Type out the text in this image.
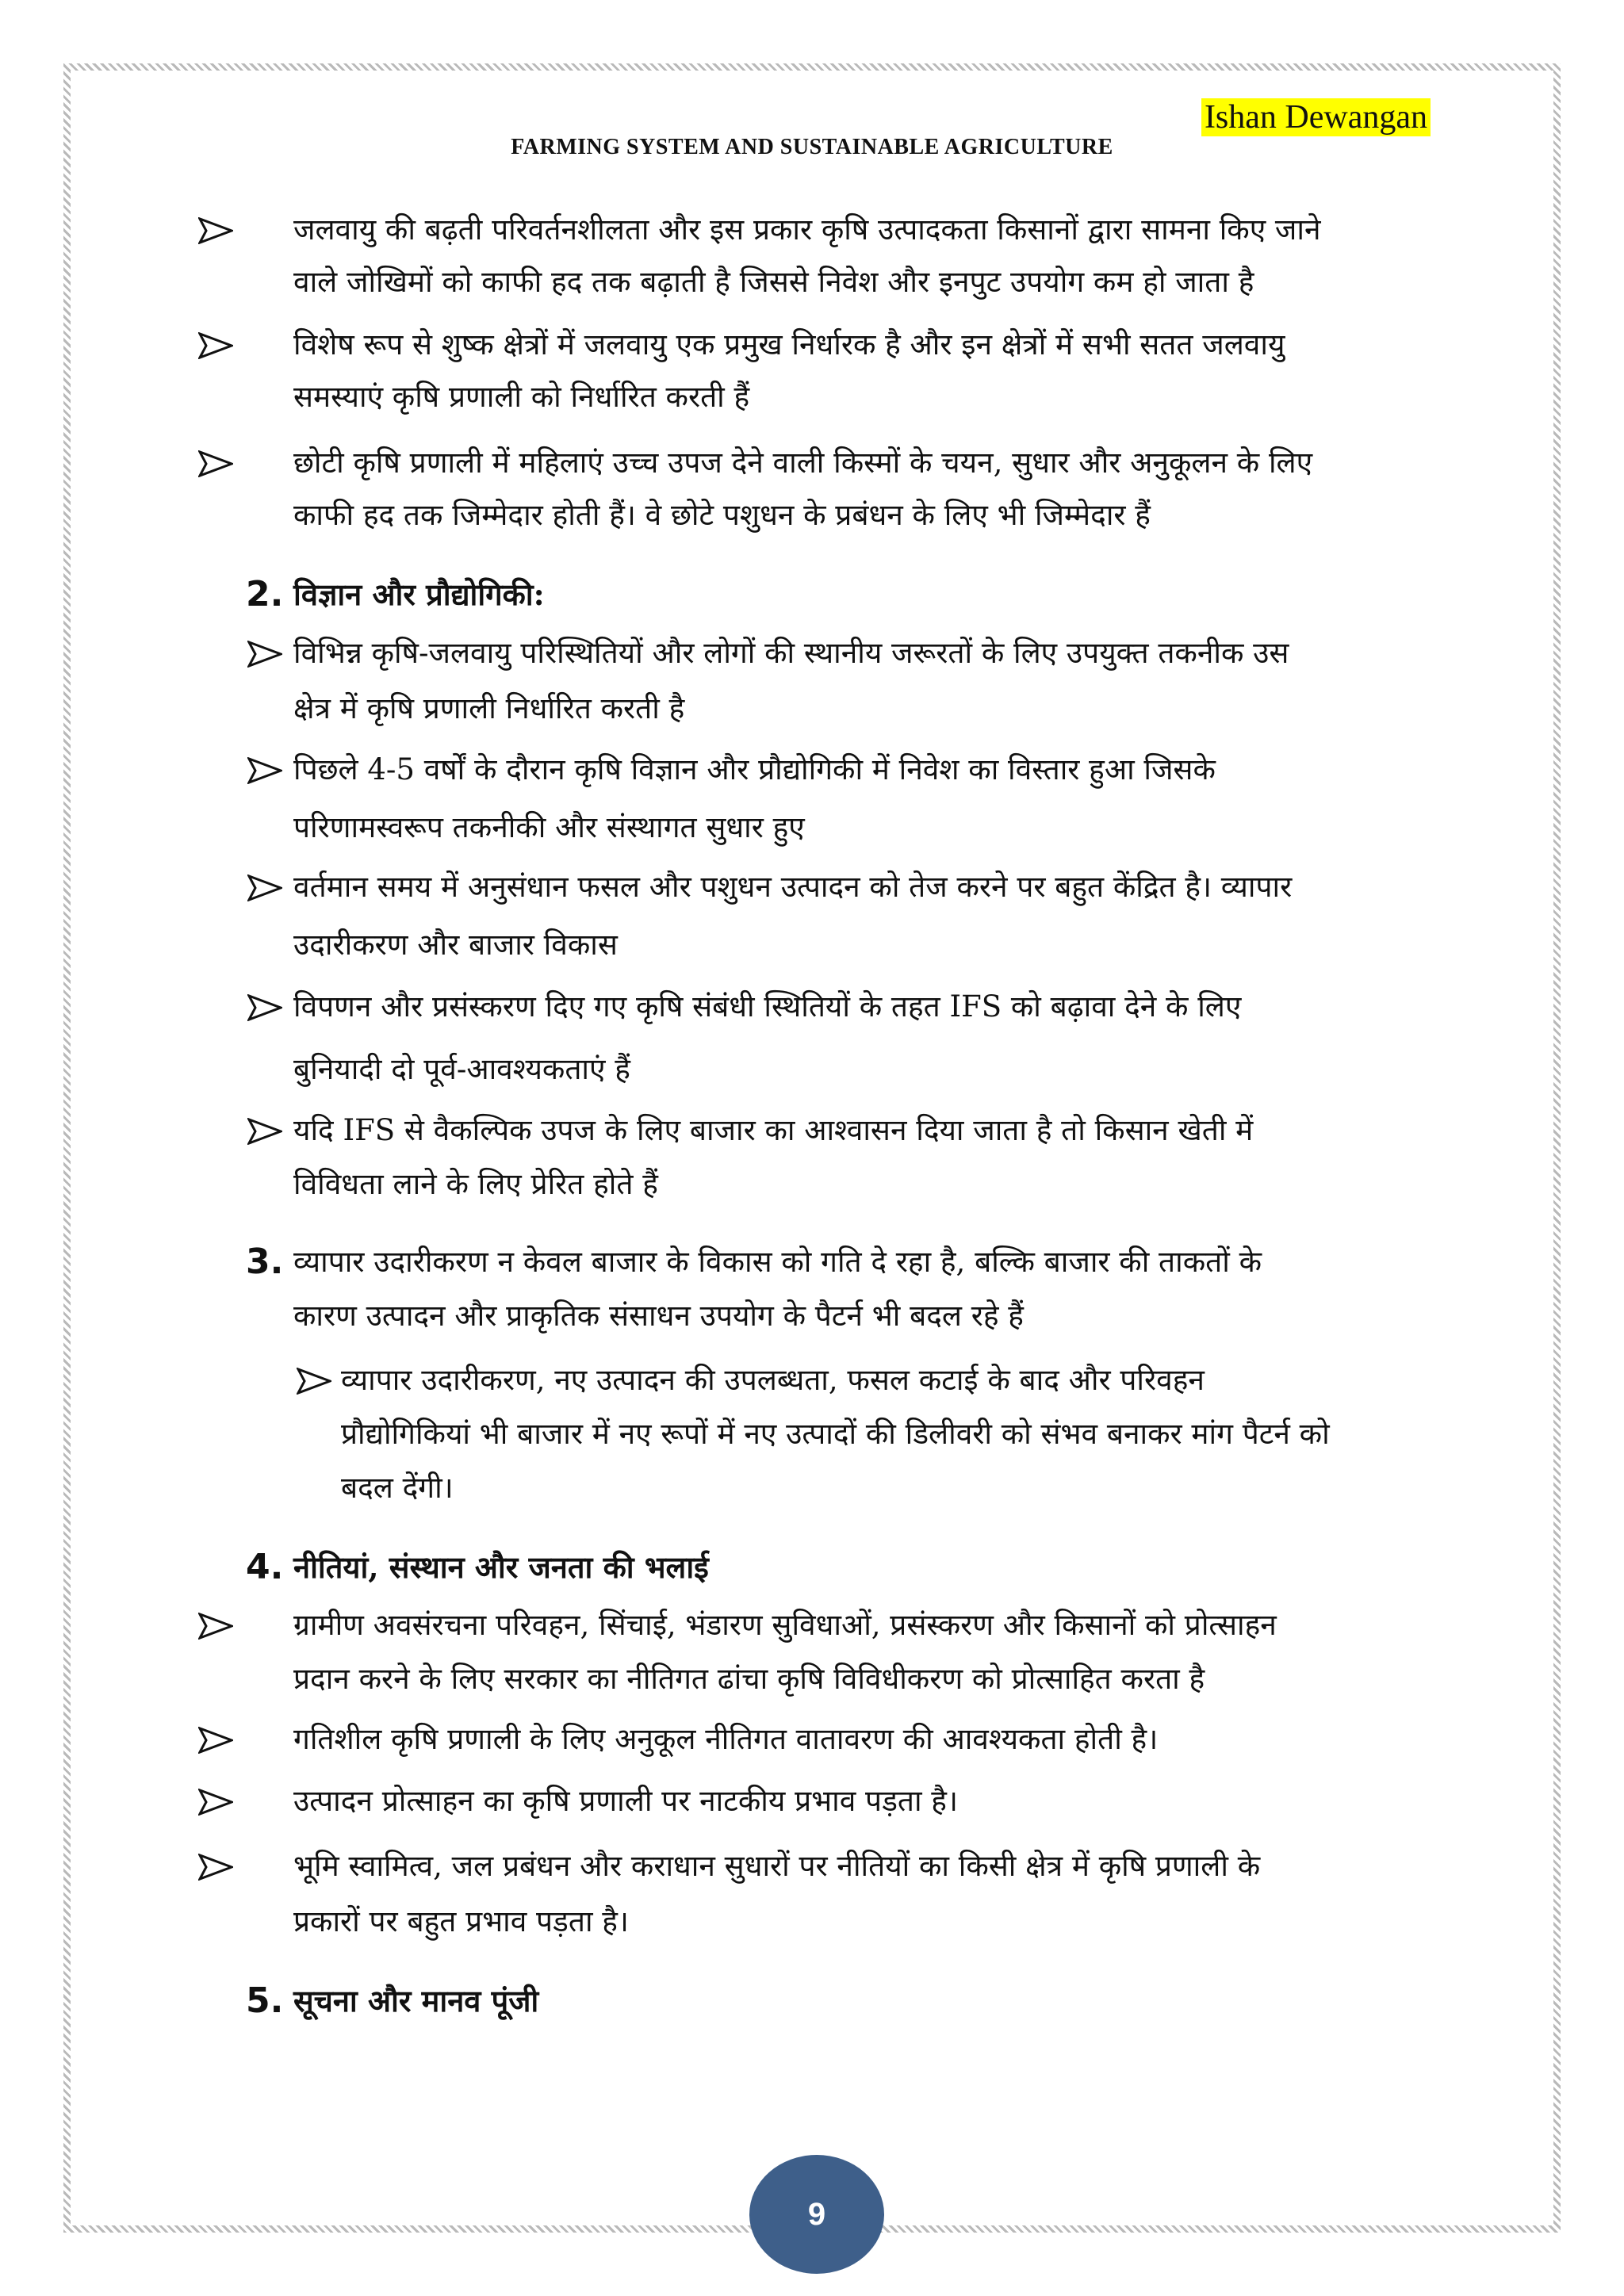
Ishan Dewangan
FARMING SYSTEM AND SUSTAINABLE AGRICULTURE
जलवायु की बढ़ती परिवर्तनशीलता और इस प्रकार कृषि उत्पादकता किसानों द्वारा सामना किए जाने
वाले जोखिमों को काफी हद तक बढ़ाती है जिससे निवेश और इनपुट उपयोग कम हो जाता है
विशेष रूप से शुष्क क्षेत्रों में जलवायु एक प्रमुख निर्धारक है और इन क्षेत्रों में सभी सतत जलवायु
समस्याएं कृषि प्रणाली को निर्धारित करती हैं
छोटी कृषि प्रणाली में महिलाएं उच्च उपज देने वाली किस्मों के चयन, सुधार और अनुकूलन के लिए
काफी हद तक जिम्मेदार होती हैं। वे छोटे पशुधन के प्रबंधन के लिए भी जिम्मेदार हैं
2. विज्ञान और प्रौद्योगिकी:
विभिन्न कृषि-जलवायु परिस्थितियों और लोगों की स्थानीय जरूरतों के लिए उपयुक्त तकनीक उस
क्षेत्र में कृषि प्रणाली निर्धारित करती है
पिछले 4-5 वर्षों के दौरान कृषि विज्ञान और प्रौद्योगिकी में निवेश का विस्तार हुआ जिसके
परिणामस्वरूप तकनीकी और संस्थागत सुधार हुए
वर्तमान समय में अनुसंधान फसल और पशुधन उत्पादन को तेज करने पर बहुत केंद्रित है। व्यापार
उदारीकरण और बाजार विकास
विपणन और प्रसंस्करण दिए गए कृषि संबंधी स्थितियों के तहत IFS को बढ़ावा देने के लिए
बुनियादी दो पूर्व-आवश्यकताएं हैं
यदि IFS से वैकल्पिक उपज के लिए बाजार का आश्वासन दिया जाता है तो किसान खेती में
विविधता लाने के लिए प्रेरित होते हैं
3. व्यापार उदारीकरण न केवल बाजार के विकास को गति दे रहा है, बल्कि बाजार की ताकतों के
कारण उत्पादन और प्राकृतिक संसाधन उपयोग के पैटर्न भी बदल रहे हैं
व्यापार उदारीकरण, नए उत्पादन की उपलब्धता, फसल कटाई के बाद और परिवहन
प्रौद्योगिकियां भी बाजार में नए रूपों में नए उत्पादों की डिलीवरी को संभव बनाकर मांग पैटर्न को
बदल देंगी।
4. नीतियां, संस्थान और जनता की भलाई
ग्रामीण अवसंरचना परिवहन, सिंचाई, भंडारण सुविधाओं, प्रसंस्करण और किसानों को प्रोत्साहन
प्रदान करने के लिए सरकार का नीतिगत ढांचा कृषि विविधीकरण को प्रोत्साहित करता है
गतिशील कृषि प्रणाली के लिए अनुकूल नीतिगत वातावरण की आवश्यकता होती है।
उत्पादन प्रोत्साहन का कृषि प्रणाली पर नाटकीय प्रभाव पड़ता है।
भूमि स्वामित्व, जल प्रबंधन और कराधान सुधारों पर नीतियों का किसी क्षेत्र में कृषि प्रणाली के
प्रकारों पर बहुत प्रभाव पड़ता है।
5. सूचना और मानव पूंजी
9
